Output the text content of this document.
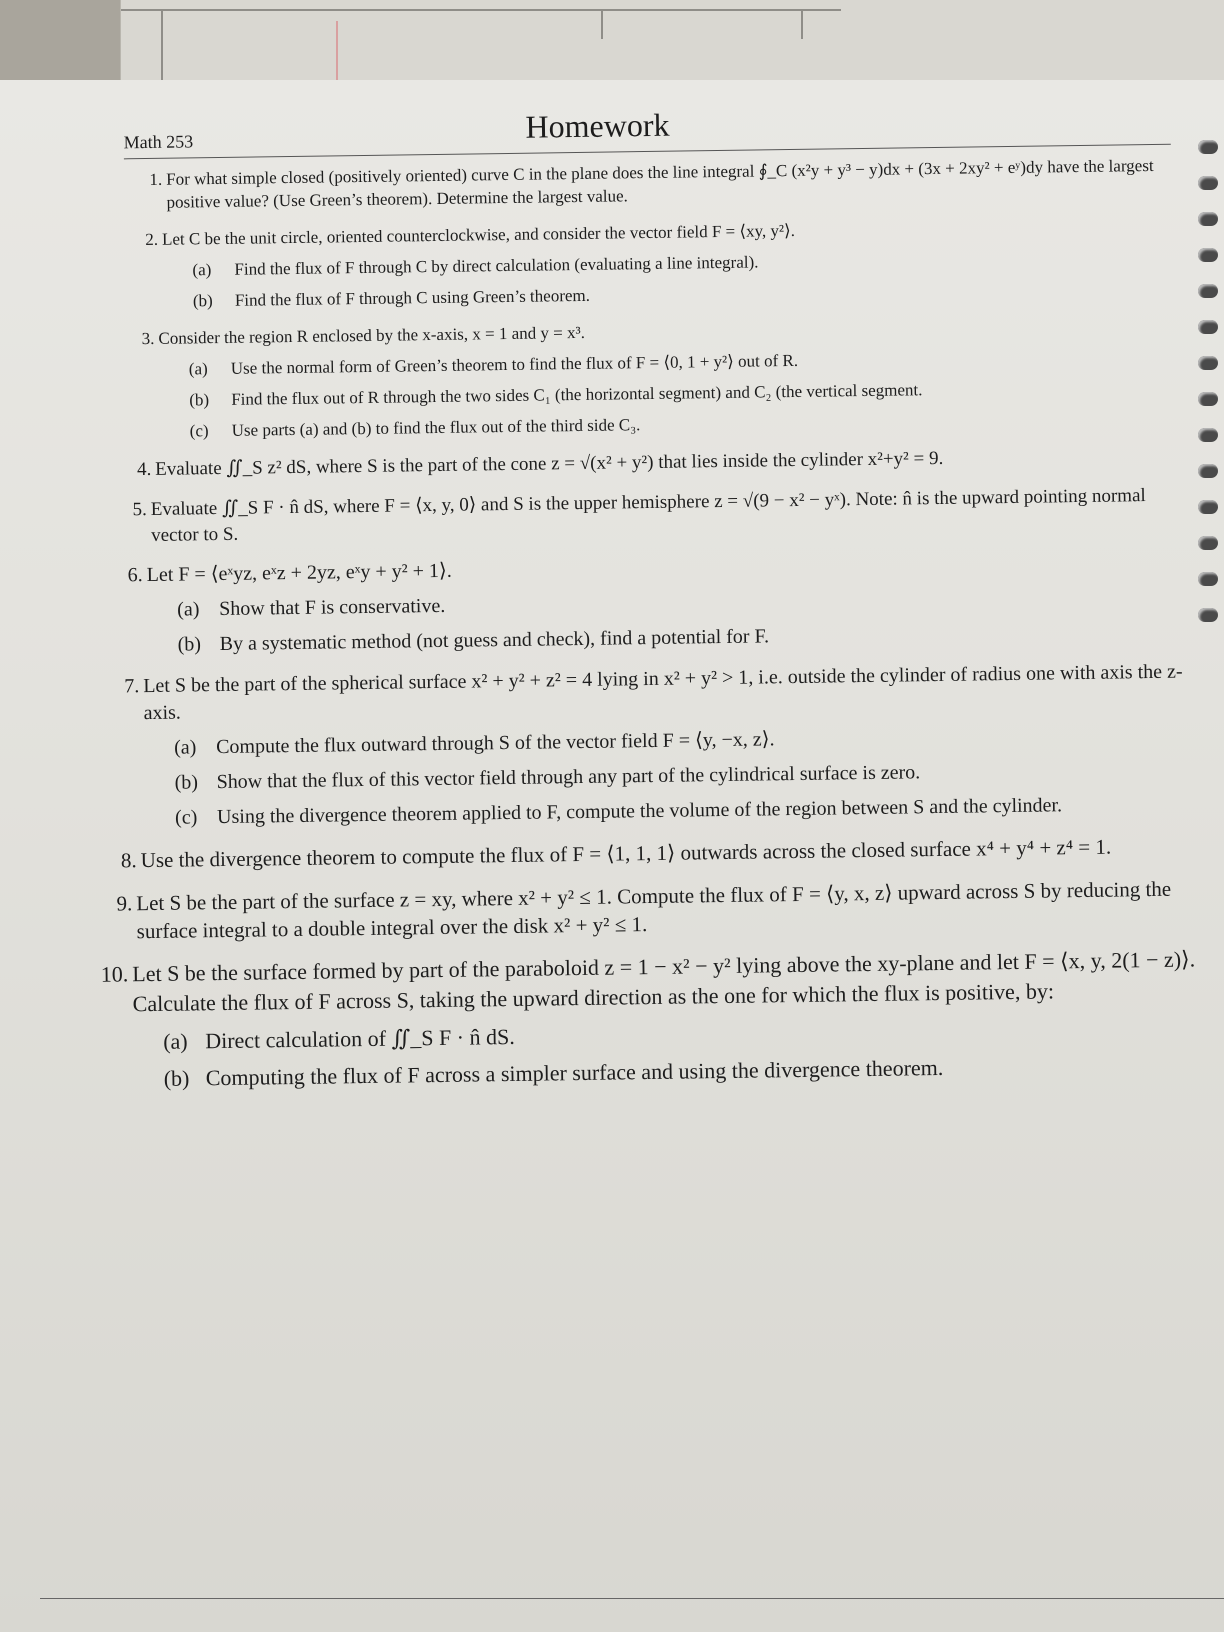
Math 253	Homework
1. For what simple closed (positively oriented) curve C in the plane does the line integral ∮_C (x²y + y³ − y)dx + (3x + 2xy² + eʸ)dy have the largest positive value? (Use Green’s theorem). Determine the largest value.
2. Let C be the unit circle, oriented counterclockwise, and consider the vector field F = ⟨xy, y²⟩.
(a) Find the flux of F through C by direct calculation (evaluating a line integral).
(b) Find the flux of F through C using Green’s theorem.
3. Consider the region R enclosed by the x-axis, x = 1 and y = x³.
(a) Use the normal form of Green’s theorem to find the flux of F = ⟨0, 1 + y²⟩ out of R.
(b) Find the flux out of R through the two sides C₁ (the horizontal segment) and C₂ (the vertical segment.
(c) Use parts (a) and (b) to find the flux out of the third side C₃.
4. Evaluate ∬_S z² dS, where S is the part of the cone z = √(x² + y²) that lies inside the cylinder x²+y² = 9.
5. Evaluate ∬_S F · n̂ dS, where F = ⟨x, y, 0⟩ and S is the upper hemisphere z = √(9 − x² − yˣ). Note: n̂ is the upward pointing normal vector to S.
6. Let F = ⟨eˣyz, eˣz + 2yz, eˣy + y² + 1⟩.
(a) Show that F is conservative.
(b) By a systematic method (not guess and check), find a potential for F.
7. Let S be the part of the spherical surface x² + y² + z² = 4 lying in x² + y² > 1, i.e. outside the cylinder of radius one with axis the z-axis.
(a) Compute the flux outward through S of the vector field F = ⟨y, −x, z⟩.
(b) Show that the flux of this vector field through any part of the cylindrical surface is zero.
(c) Using the divergence theorem applied to F, compute the volume of the region between S and the cylinder.
8. Use the divergence theorem to compute the flux of F = ⟨1, 1, 1⟩ outwards across the closed surface x⁴ + y⁴ + z⁴ = 1.
9. Let S be the part of the surface z = xy, where x² + y² ≤ 1. Compute the flux of F = ⟨y, x, z⟩ upward across S by reducing the surface integral to a double integral over the disk x² + y² ≤ 1.
10. Let S be the surface formed by part of the paraboloid z = 1 − x² − y² lying above the xy-plane and let F = ⟨x, y, 2(1 − z)⟩. Calculate the flux of F across S, taking the upward direction as the one for which the flux is positive, by:
(a) Direct calculation of ∬_S F · n̂ dS.
(b) Computing the flux of F across a simpler surface and using the divergence theorem.
